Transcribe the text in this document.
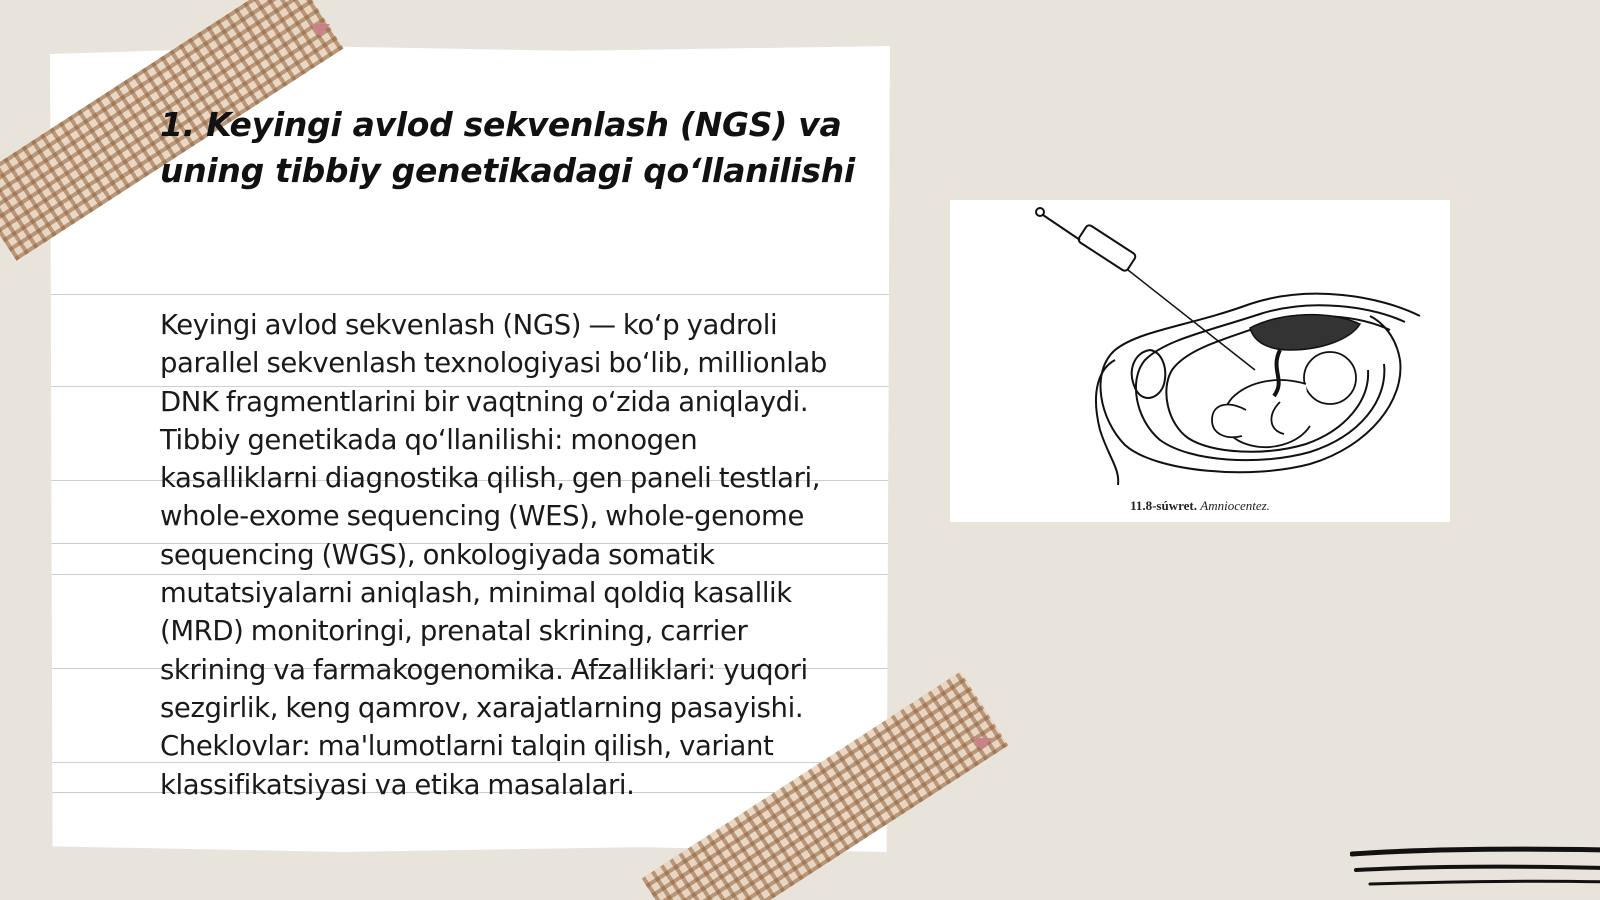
1. Keyingi avlod sekvenlash (NGS) va uning tibbiy genetikadagi qo‘llanilishi

Keyingi avlod sekvenlash (NGS) — ko‘p yadroli parallel sekvenlash texnologiyasi bo‘lib, millionlab DNK fragmentlarini bir vaqtning o‘zida aniqlaydi. Tibbiy genetikada qo‘llanilishi: monogen kasalliklarni diagnostika qilish, gen paneli testlari, whole-exome sequencing (WES), whole-genome sequencing (WGS), onkologiyada somatik mutatsiyalarni aniqlash, minimal qoldiq kasallik (MRD) monitoringi, prenatal skrining, carrier skrining va farmakogenomika. Afzalliklari: yuqori sezgirlik, keng qamrov, xarajatlarning pasayishi. Cheklovlar: ma'lumotlarni talqin qilish, variant klassifikatsiyasi va etika masalalari.

11.8-súwret. Amniocentez.
